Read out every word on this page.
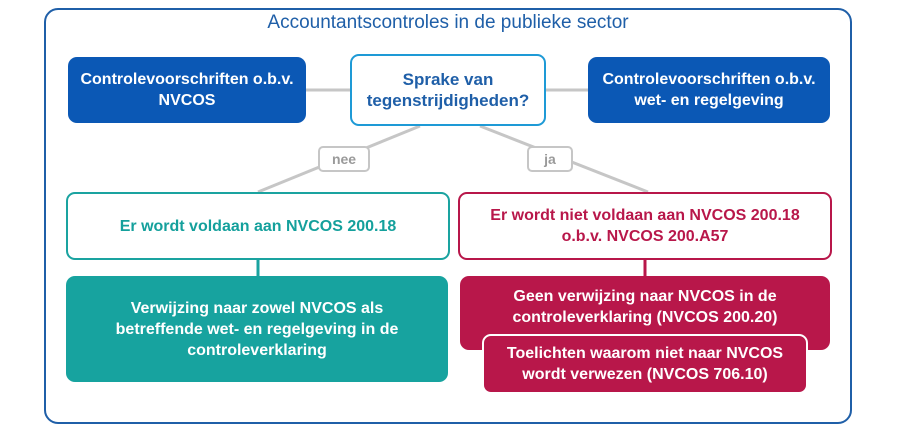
Accountantscontroles in de publieke sector
Controlevoorschriften o.b.v. NVCOS
Sprake van tegenstrijdigheden?
Controlevoorschriften o.b.v. wet- en regelgeving
nee	ja
Er wordt voldaan aan NVCOS 200.18
Er wordt niet voldaan aan NVCOS 200.18 o.b.v. NVCOS 200.A57
Verwijzing naar zowel NVCOS als betreffende wet- en regelgeving in de controleverklaring
Geen verwijzing naar NVCOS in de controleverklaring (NVCOS 200.20)
Toelichten waarom niet naar NVCOS wordt verwezen (NVCOS 706.10)
